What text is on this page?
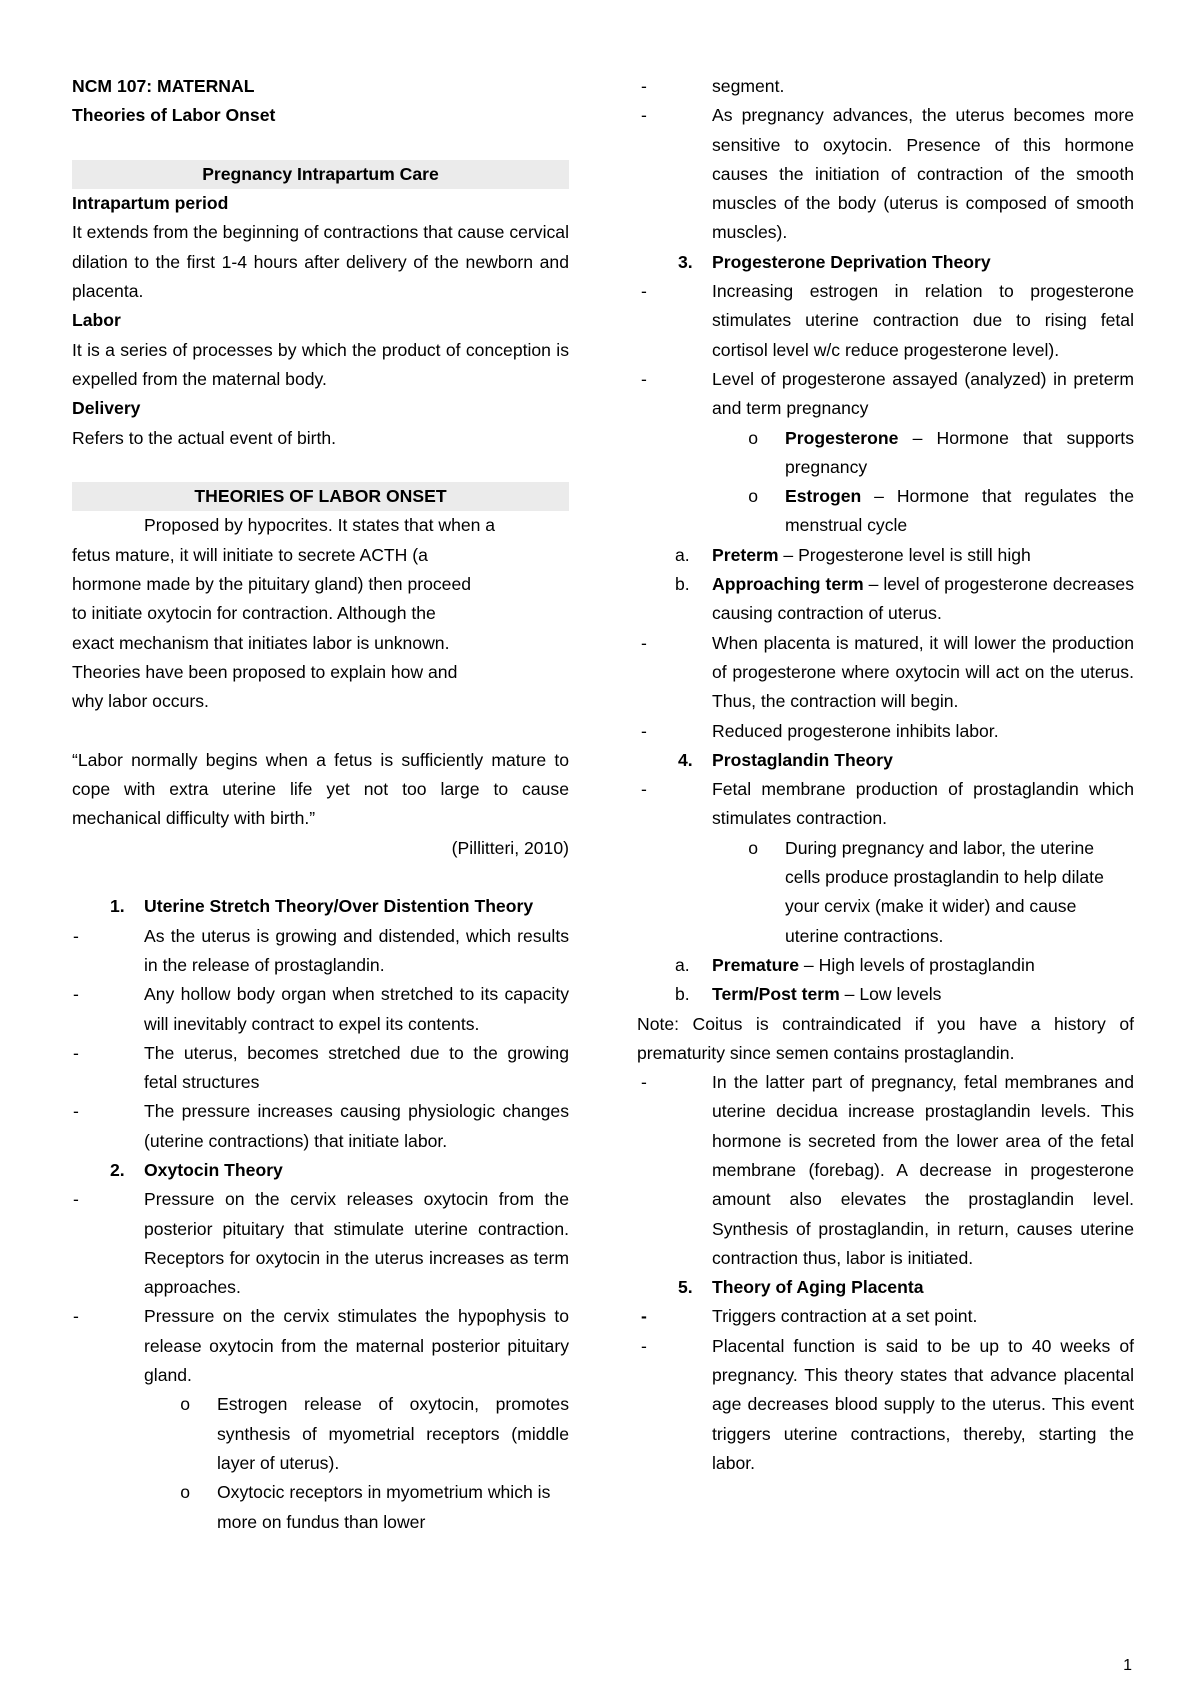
NCM 107: MATERNAL
Theories of Labor Onset
Pregnancy Intrapartum Care
Intrapartum period
It extends from the beginning of contractions that cause cervical dilation to the first 1-4 hours after delivery of the newborn and placenta.
Labor
It is a series of processes by which the product of conception is expelled from the maternal body.
Delivery
Refers to the actual event of birth.
THEORIES OF LABOR ONSET
Proposed by hypocrites. It states that when a
fetus mature, it will initiate to secrete ACTH (a
hormone made by the pituitary gland) then proceed
to initiate oxytocin for contraction. Although the
exact mechanism that initiates labor is unknown.
Theories have been proposed to explain how and
why labor occurs.
“Labor normally begins when a fetus is sufficiently mature to cope with extra uterine life yet not too large to cause mechanical difficulty with birth.”
(Pillitteri, 2010)
1.	Uterine Stretch Theory/Over Distention Theory
-	As the uterus is growing and distended, which results in the release of prostaglandin.
-	Any hollow body organ when stretched to its capacity will inevitably contract to expel its contents.
-	The uterus, becomes stretched due to the growing fetal structures
-	The pressure increases causing physiologic changes (uterine contractions) that initiate labor.
2.	Oxytocin Theory
-	Pressure on the cervix releases oxytocin from the posterior pituitary that stimulate uterine contraction. Receptors for oxytocin in the uterus increases as term approaches.
-	Pressure on the cervix stimulates the hypophysis to release oxytocin from the maternal posterior pituitary gland.
o	Estrogen release of oxytocin, promotes synthesis of myometrial receptors (middle layer of uterus).
o	Oxytocic receptors in myometrium which is more on fundus than lower
-	segment.
-	As pregnancy advances, the uterus becomes more sensitive to oxytocin. Presence of this hormone causes the initiation of contraction of the smooth muscles of the body (uterus is composed of smooth muscles).
3.	Progesterone Deprivation Theory
-	Increasing estrogen in relation to progesterone stimulates uterine contraction due to rising fetal cortisol level w/c reduce progesterone level).
-	Level of progesterone assayed (analyzed) in preterm and term pregnancy
o	Progesterone – Hormone that supports pregnancy
o	Estrogen – Hormone that regulates the menstrual cycle
a.	Preterm – Progesterone level is still high
b.	Approaching term – level of progesterone decreases causing contraction of uterus.
-	When placenta is matured, it will lower the production of progesterone where oxytocin will act on the uterus. Thus, the contraction will begin.
-	Reduced progesterone inhibits labor.
4.	Prostaglandin Theory
-	Fetal membrane production of prostaglandin which stimulates contraction.
o	During pregnancy and labor, the uterine cells produce prostaglandin to help dilate your cervix (make it wider) and cause uterine contractions.
a.	Premature – High levels of prostaglandin
b.	Term/Post term – Low levels
Note: Coitus is contraindicated if you have a history of prematurity since semen contains prostaglandin.
-	In the latter part of pregnancy, fetal membranes and uterine decidua increase prostaglandin levels. This hormone is secreted from the lower area of the fetal membrane (forebag). A decrease in progesterone amount also elevates the prostaglandin level. Synthesis of prostaglandin, in return, causes uterine contraction thus, labor is initiated.
5.	Theory of Aging Placenta
-	Triggers contraction at a set point.
-	Placental function is said to be up to 40 weeks of pregnancy. This theory states that advance placental age decreases blood supply to the uterus. This event triggers uterine contractions, thereby, starting the labor.
1
